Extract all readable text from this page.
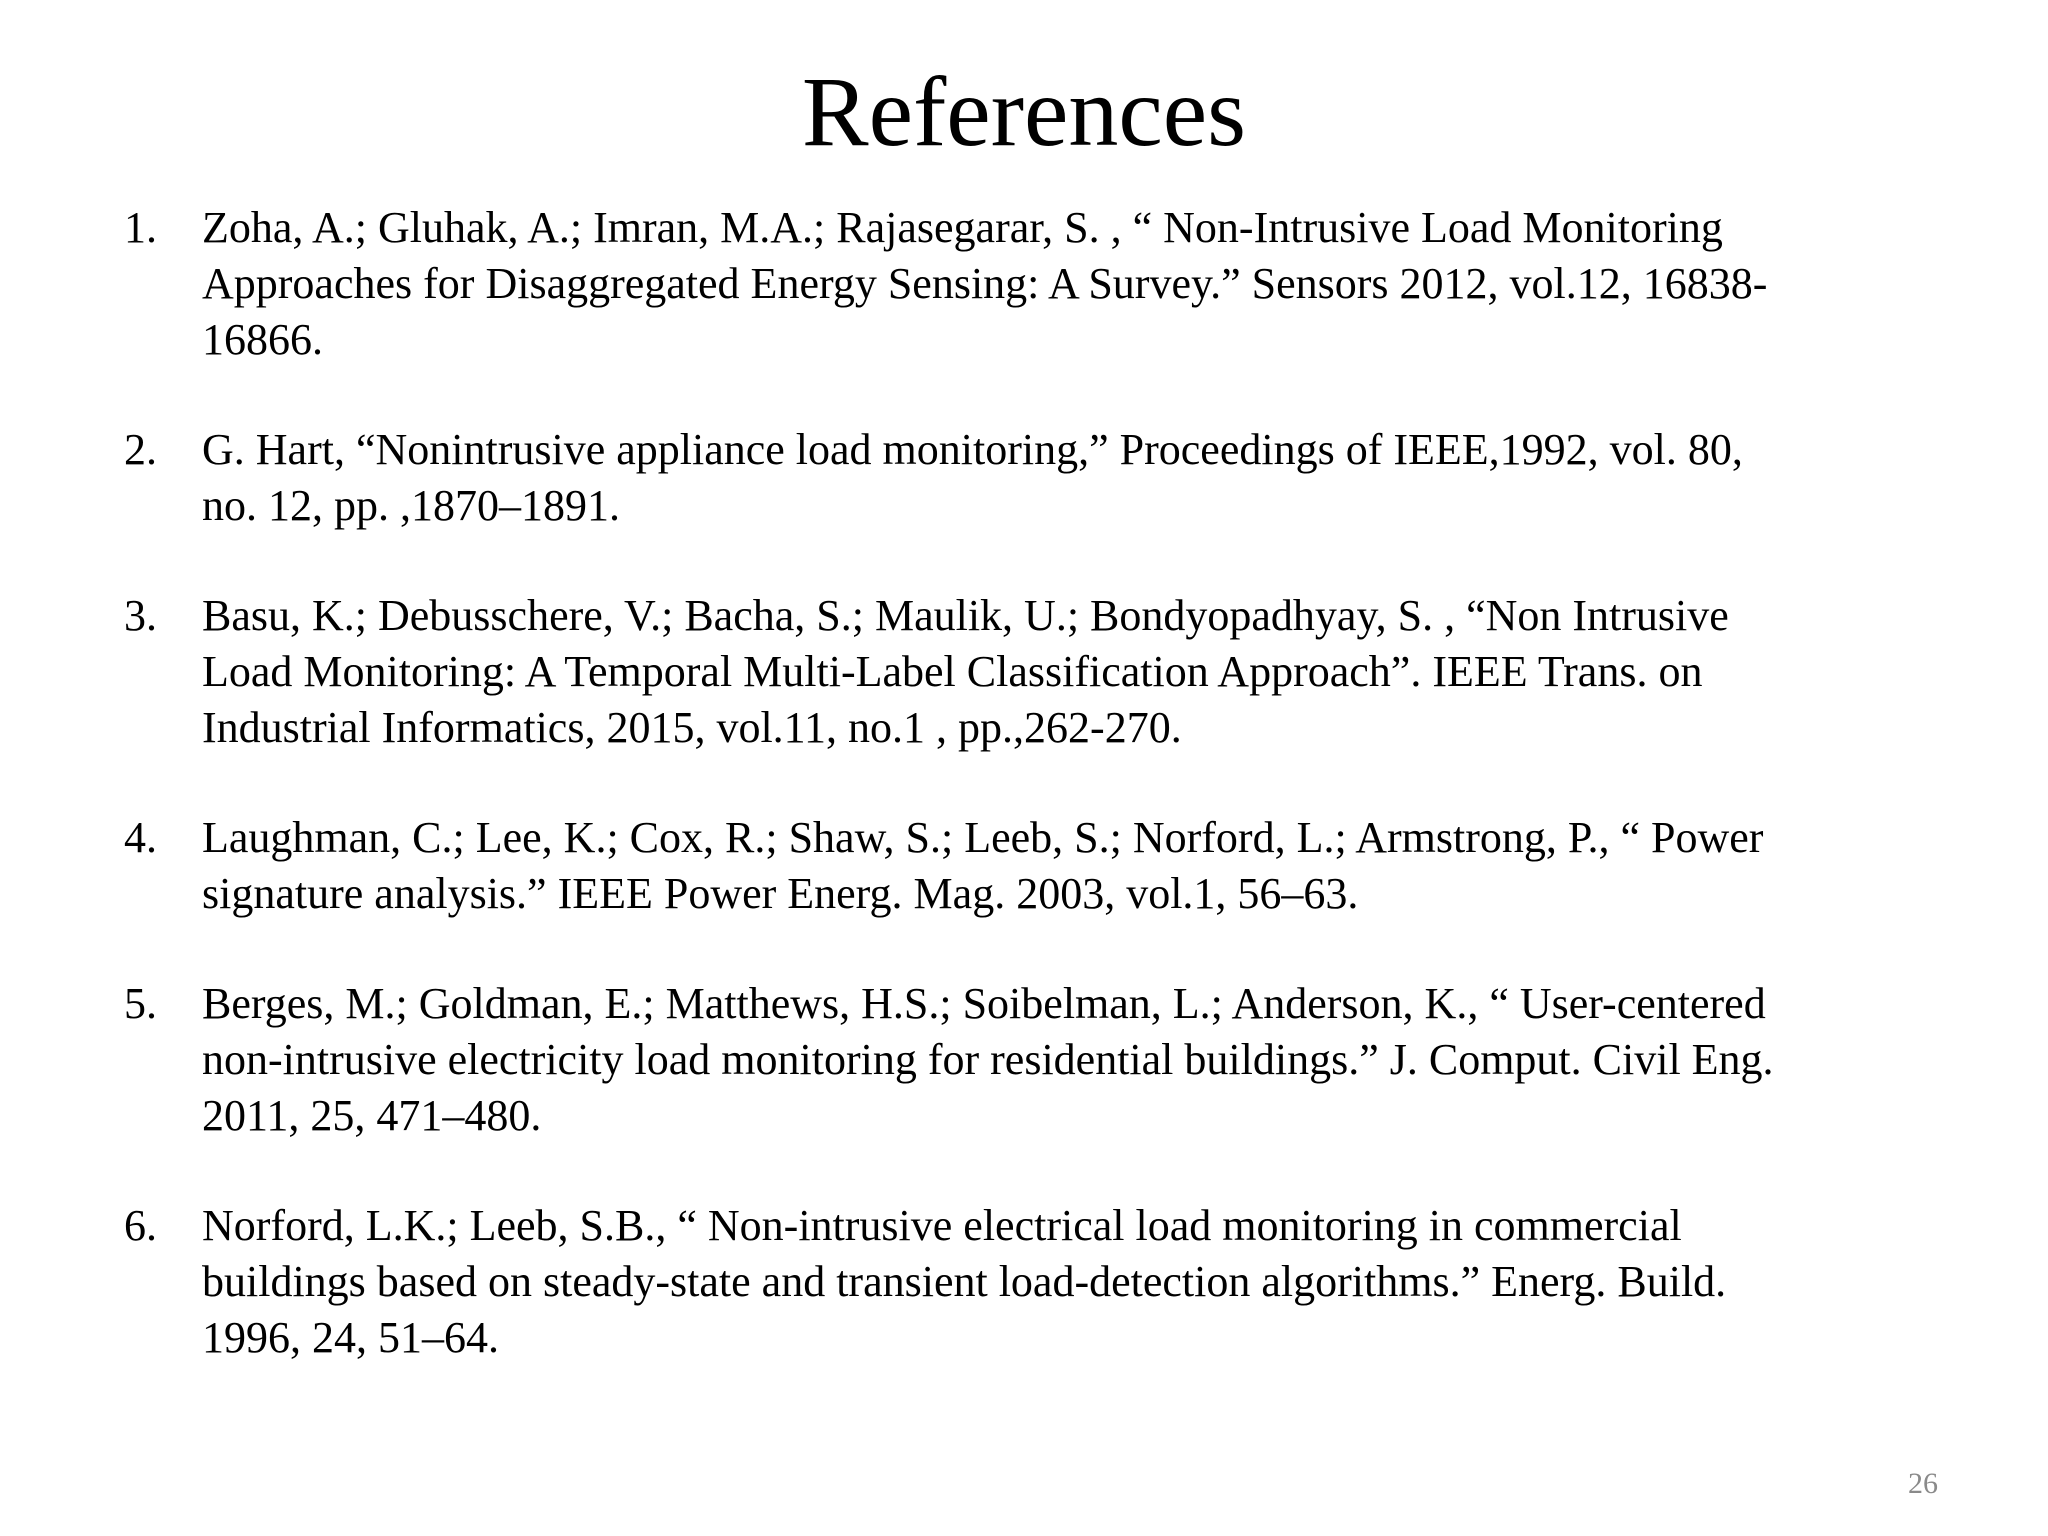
References
1. Zoha, A.; Gluhak, A.; Imran, M.A.; Rajasegarar, S. , “ Non-Intrusive Load Monitoring
Approaches for Disaggregated Energy Sensing: A Survey.” Sensors 2012, vol.12, 16838-
16866.
2. G. Hart, “Nonintrusive appliance load monitoring,” Proceedings of IEEE,1992, vol. 80,
no. 12, pp. ,1870–1891.
3. Basu, K.; Debusschere, V.; Bacha, S.; Maulik, U.; Bondyopadhyay, S. , “Non Intrusive
Load Monitoring: A Temporal Multi-Label Classification Approach”. IEEE Trans. on
Industrial Informatics, 2015, vol.11, no.1 , pp.,262-270.
4. Laughman, C.; Lee, K.; Cox, R.; Shaw, S.; Leeb, S.; Norford, L.; Armstrong, P., “ Power
signature analysis.” IEEE Power Energ. Mag. 2003, vol.1, 56–63.
5. Berges, M.; Goldman, E.; Matthews, H.S.; Soibelman, L.; Anderson, K., “ User-centered
non-intrusive electricity load monitoring for residential buildings.” J. Comput. Civil Eng.
2011, 25, 471–480.
6. Norford, L.K.; Leeb, S.B., “ Non-intrusive electrical load monitoring in commercial
buildings based on steady-state and transient load-detection algorithms.” Energ. Build.
1996, 24, 51–64.
26
